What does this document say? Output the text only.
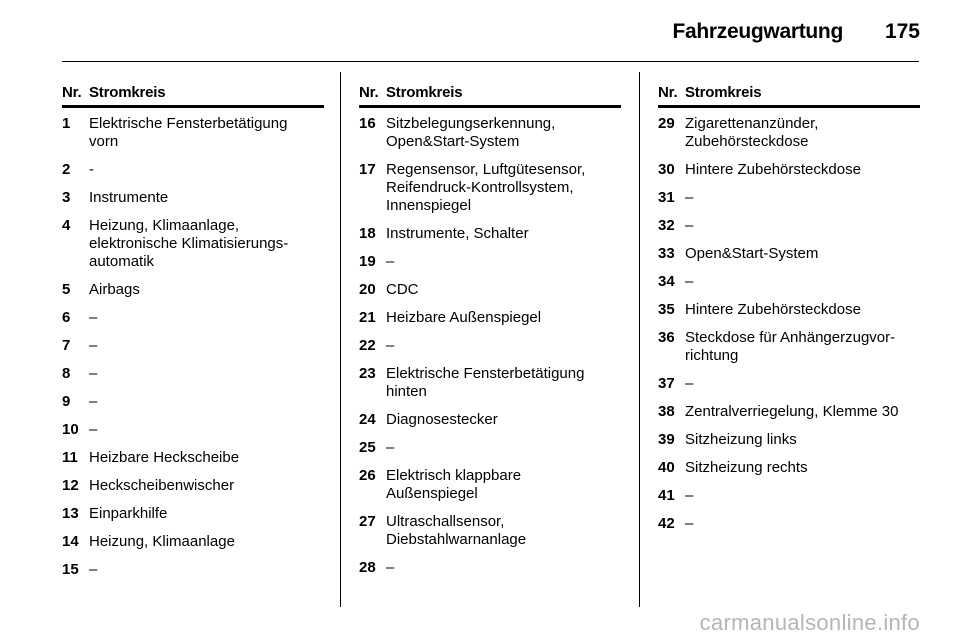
Fahrzeugwartung 175
Nr. Stromkreis
1	Elektrische Fensterbetätigung
vorn
2	-
3	Instrumente
4	Heizung, Klimaanlage,
elektronische Klimatisierungs-
automatik
5	Airbags
6	–
7	–
8	–
9	–
10 –
11 Heizbare Heckscheibe
12 Heckscheibenwischer
13 Einparkhilfe
14 Heizung, Klimaanlage
15 –
Nr. Stromkreis
16 Sitzbelegungserkennung,
Open&Start-System
17 Regensensor, Luftgütesensor,
Reifendruck-Kontrollsystem,
Innenspiegel
18 Instrumente, Schalter
19 –
20 CDC
21 Heizbare Außenspiegel
22 –
23 Elektrische Fensterbetätigung
hinten
24 Diagnosestecker
25 –
26 Elektrisch klappbare
Außenspiegel
27 Ultraschallsensor,
Diebstahlwarnanlage
28 –
Nr. Stromkreis
29 Zigarettenanzünder,
Zubehörsteckdose
30 Hintere Zubehörsteckdose
31 –
32 –
33 Open&Start-System
34 –
35 Hintere Zubehörsteckdose
36 Steckdose für Anhängerzugvor-
richtung
37 –
38 Zentralverriegelung, Klemme 30
39 Sitzheizung links
40 Sitzheizung rechts
41 –
42 –
carmanualsonline.info
